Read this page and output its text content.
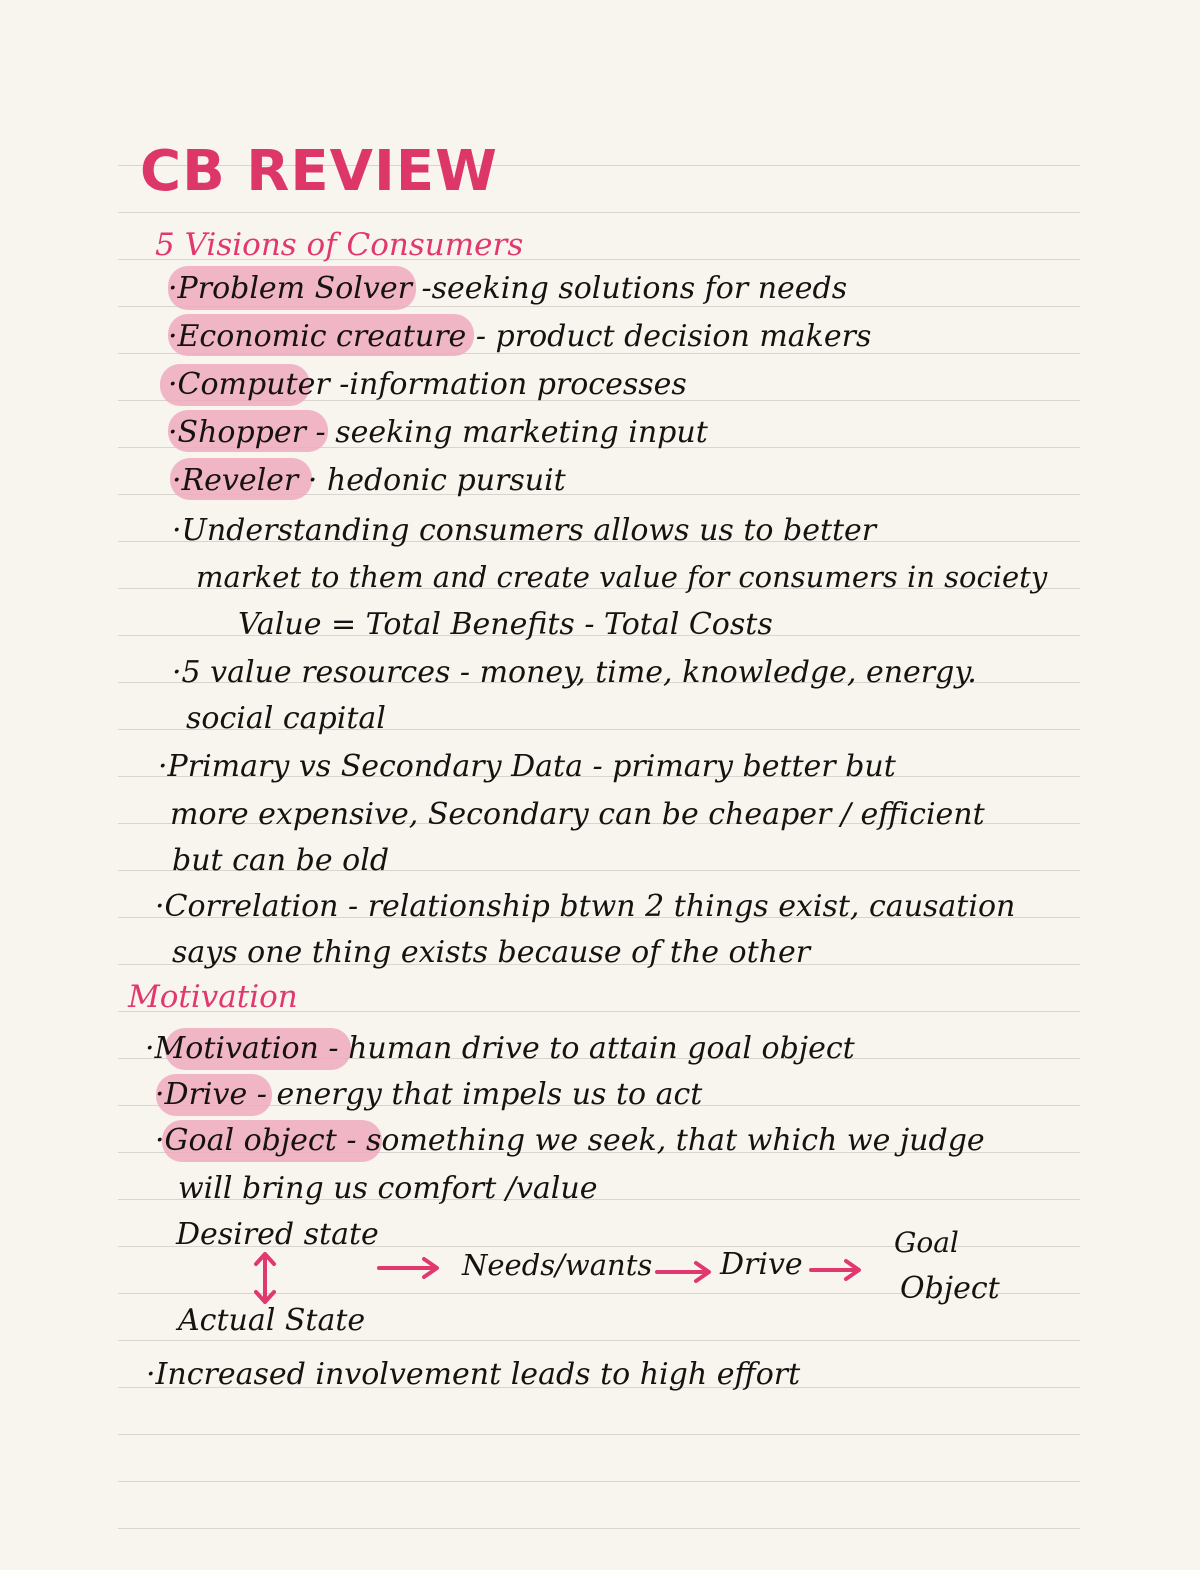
CB REVIEW
5 Visions of Consumers
·Problem Solver -seeking solutions for needs
·Economic creature - product decision makers
·Computer -information processes
·Shopper - seeking marketing input
·Reveler · hedonic pursuit
·Understanding consumers allows us to better
market to them and create value for consumers in society
Value = Total Benefits - Total Costs
·5 value resources - money, time, knowledge, energy.
social capital
·Primary vs Secondary Data - primary better but
more expensive, Secondary can be cheaper / efficient
but can be old
·Correlation - relationship btwn 2 things exist, causation
says one thing exists because of the other
Motivation
·Motivation - human drive to attain goal object
·Drive - energy that impels us to act
·Goal object - something we seek, that which we judge
will bring us comfort /value
Desired state
Actual State
Needs/wants Drive
Goal
Object
·Increased involvement leads to high effort
